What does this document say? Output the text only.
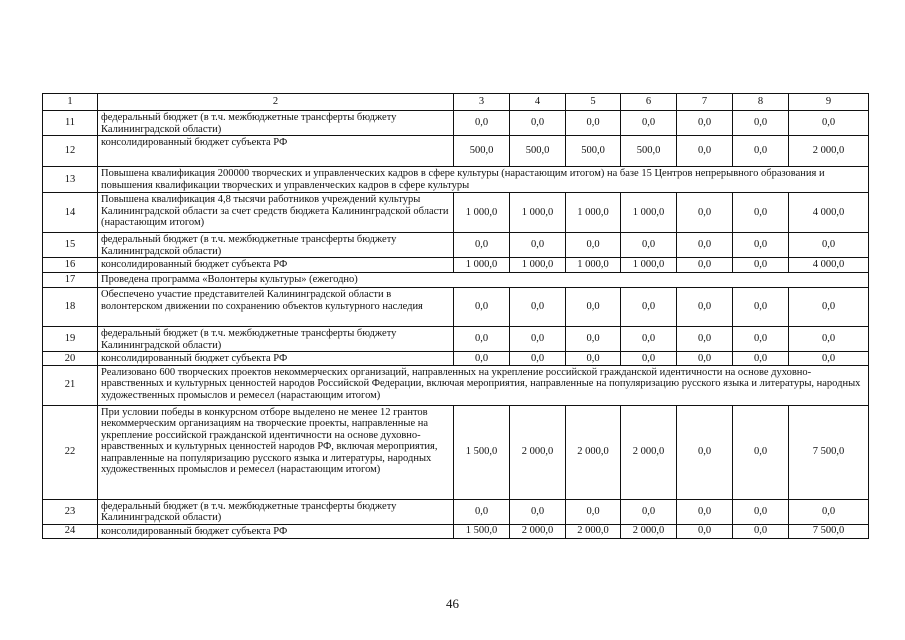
1	2	3	4	5	6	7	8	9
11	федеральный бюджет (в т.ч. межбюджетные трансферты бюджету Калининградской области)	0,0	0,0	0,0	0,0	0,0	0,0	0,0
12	консолидированный бюджет субъекта РФ	500,0	500,0	500,0	500,0	0,0	0,0	2 000,0
13	Повышена квалификация 200000 творческих и управленческих кадров в сфере культуры (нарастающим итогом) на базе 15 Центров непрерывного образования и повышения квалификации творческих и управленческих кадров в сфере культуры							
14	Повышена квалификация 4,8 тысячи работников учреждений культуры Калининградской области за счет средств бюджета Калининградской области (нарастающим итогом)	1 000,0	1 000,0	1 000,0	1 000,0	0,0	0,0	4 000,0
15	федеральный бюджет (в т.ч. межбюджетные трансферты бюджету Калининградской области)	0,0	0,0	0,0	0,0	0,0	0,0	0,0
16	консолидированный бюджет субъекта РФ	1 000,0	1 000,0	1 000,0	1 000,0	0,0	0,0	4 000,0
17	Проведена программа «Волонтеры культуры» (ежегодно)							
18	Обеспечено участие представителей Калининградской области в волонтерском движении по сохранению объектов культурного наследия	0,0	0,0	0,0	0,0	0,0	0,0	0,0
19	федеральный бюджет (в т.ч. межбюджетные трансферты бюджету Калининградской области)	0,0	0,0	0,0	0,0	0,0	0,0	0,0
20	консолидированный бюджет субъекта РФ	0,0	0,0	0,0	0,0	0,0	0,0	0,0
21	Реализовано 600 творческих проектов некоммерческих организаций, направленных на укрепление российской гражданской идентичности на основе духовно-нравственных и культурных ценностей народов Российской Федерации, включая мероприятия, направленные на популяризацию русского языка и литературы, народных художественных промыслов и ремесел (нарастающим итогом)							
22	При условии победы в конкурсном отборе выделено не менее 12 грантов некоммерческим организациям на творческие проекты, направленные на укрепление российской гражданской идентичности на основе духовно-нравственных и культурных ценностей народов РФ, включая мероприятия, направленные на популяризацию русского языка и литературы, народных художественных промыслов и ремесел (нарастающим итогом)	1 500,0	2 000,0	2 000,0	2 000,0	0,0	0,0	7 500,0
23	федеральный бюджет (в т.ч. межбюджетные трансферты бюджету Калининградской области)	0,0	0,0	0,0	0,0	0,0	0,0	0,0
24	консолидированный бюджет субъекта РФ	1 500,0	2 000,0	2 000,0	2 000,0	0,0	0,0	7 500,0
46
